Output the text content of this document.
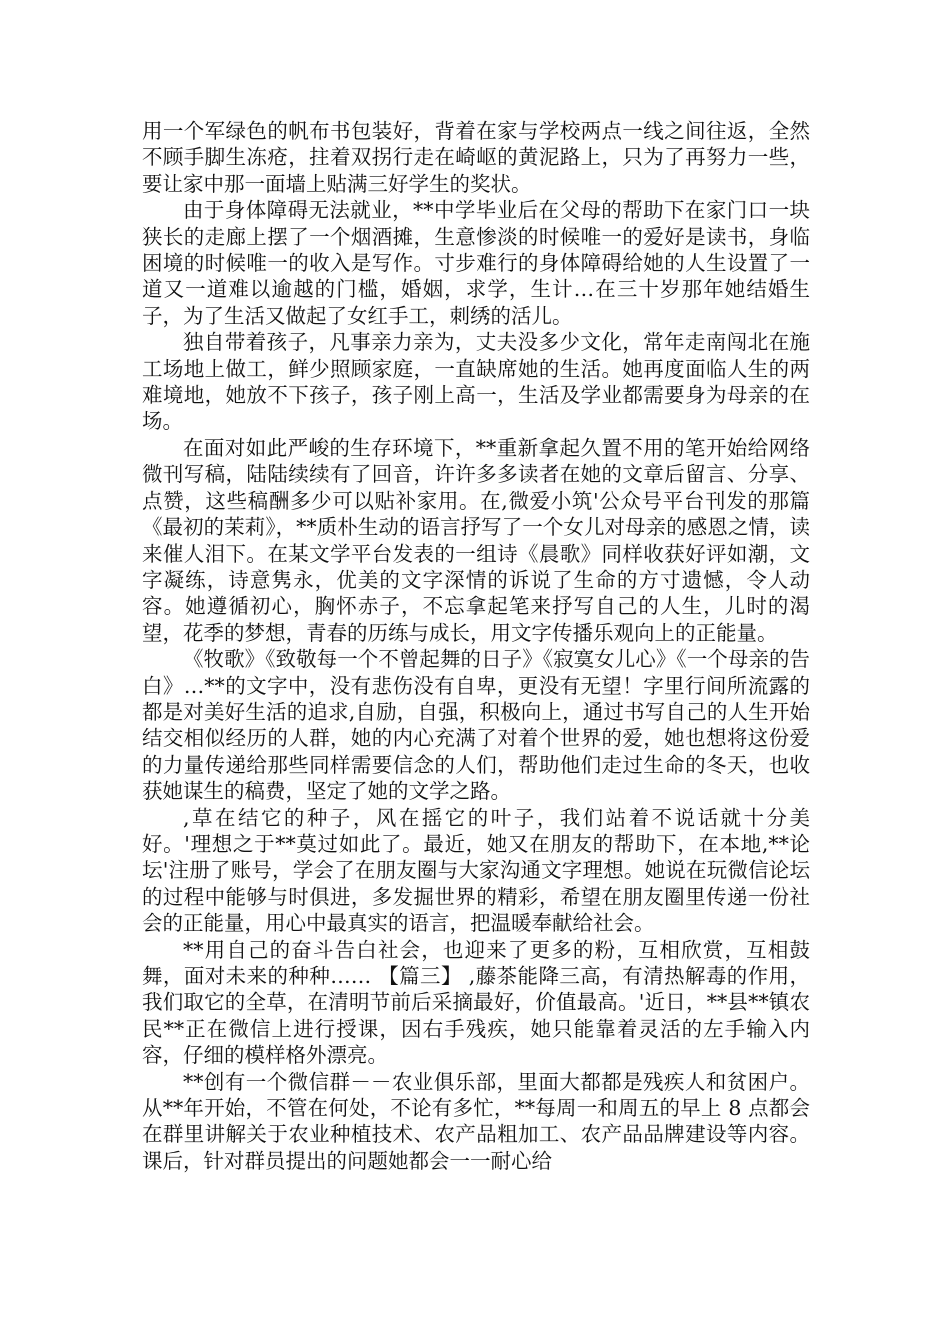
用一个军绿色的帆布书包装好，背着在家与学校两点一线之间往返，全然不顾手脚生冻疮，拄着双拐行走在崎岖的黄泥路上，只为了再努力一些，要让家中那一面墙上贴满三好学生的奖状。

由于身体障碍无法就业，**中学毕业后在父母的帮助下在家门口一块狭长的走廊上摆了一个烟酒摊，生意惨淡的时候唯一的爱好是读书，身临困境的时候唯一的收入是写作。寸步难行的身体障碍给她的人生设置了一道又一道难以逾越的门槛，婚姻，求学，生计…在三十岁那年她结婚生子，为了生活又做起了女红手工，刺绣的活儿。

独自带着孩子，凡事亲力亲为，丈夫没多少文化，常年走南闯北在施工场地上做工，鲜少照顾家庭，一直缺席她的生活。她再度面临人生的两难境地，她放不下孩子，孩子刚上高一，生活及学业都需要身为母亲的在场。

在面对如此严峻的生存环境下，**重新拿起久置不用的笔开始给网络微刊写稿，陆陆续续有了回音，许许多多读者在她的文章后留言、分享、点赞，这些稿酬多少可以贴补家用。在,微爱小筑'公众号平台刊发的那篇《最初的茉莉》，**质朴生动的语言抒写了一个女儿对母亲的感恩之情，读来催人泪下。在某文学平台发表的一组诗《晨歌》同样收获好评如潮，文字凝练，诗意隽永，优美的文字深情的诉说了生命的方寸遗憾，令人动容。她遵循初心，胸怀赤子，不忘拿起笔来抒写自己的人生，儿时的渴望，花季的梦想，青春的历练与成长，用文字传播乐观向上的正能量。

《牧歌》《致敬每一个不曾起舞的日子》《寂寞女儿心》《一个母亲的告白》…**的文字中，没有悲伤没有自卑，更没有无望！字里行间所流露的都是对美好生活的追求,自励，自强，积极向上，通过书写自己的人生开始结交相似经历的人群，她的内心充满了对着个世界的爱，她也想将这份爱的力量传递给那些同样需要信念的人们，帮助他们走过生命的冬天，也收获她谋生的稿费，坚定了她的文学之路。

,草在结它的种子，风在摇它的叶子，我们站着不说话就十分美好。'理想之于**莫过如此了。最近，她又在朋友的帮助下，在本地,**论坛'注册了账号，学会了在朋友圈与大家沟通文字理想。她说在玩微信论坛的过程中能够与时俱进，多发掘世界的精彩，希望在朋友圈里传递一份社会的正能量，用心中最真实的语言，把温暖奉献给社会。

**用自己的奋斗告白社会，也迎来了更多的粉，互相欣赏，互相鼓舞，面对未来的种种…… 【篇三】 ,藤茶能降三高，有清热解毒的作用，我们取它的全草，在清明节前后采摘最好，价值最高。'近日，**县**镇农民**正在微信上进行授课，因右手残疾，她只能靠着灵活的左手输入内容，仔细的模样格外漂亮。

**创有一个微信群－－农业俱乐部，里面大都都是残疾人和贫困户。从**年开始，不管在何处，不论有多忙，**每周一和周五的早上 8 点都会在群里讲解关于农业种植技术、农产品粗加工、农产品品牌建设等内容。课后，针对群员提出的问题她都会一一耐心给
